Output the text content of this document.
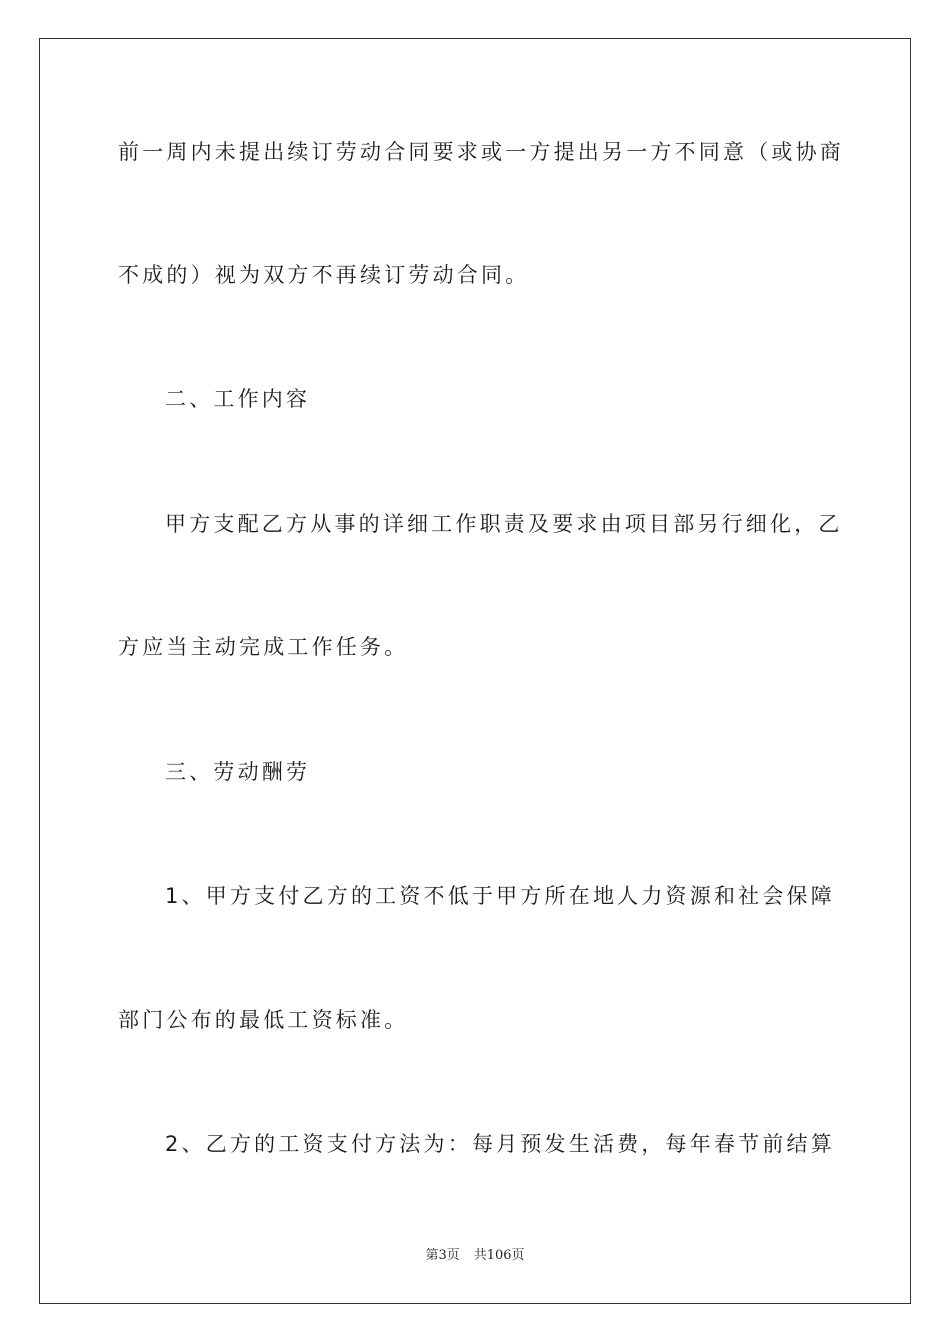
前一周内未提出续订劳动合同要求或一方提出另一方不同意（或协商
不成的）视为双方不再续订劳动合同。
二、工作内容
甲方支配乙方从事的详细工作职责及要求由项目部另行细化，乙
方应当主动完成工作任务。
三、劳动酬劳
1、甲方支付乙方的工资不低于甲方所在地人力资源和社会保障
部门公布的最低工资标准。
2、乙方的工资支付方法为：每月预发生活费，每年春节前结算
第3页 共106页
